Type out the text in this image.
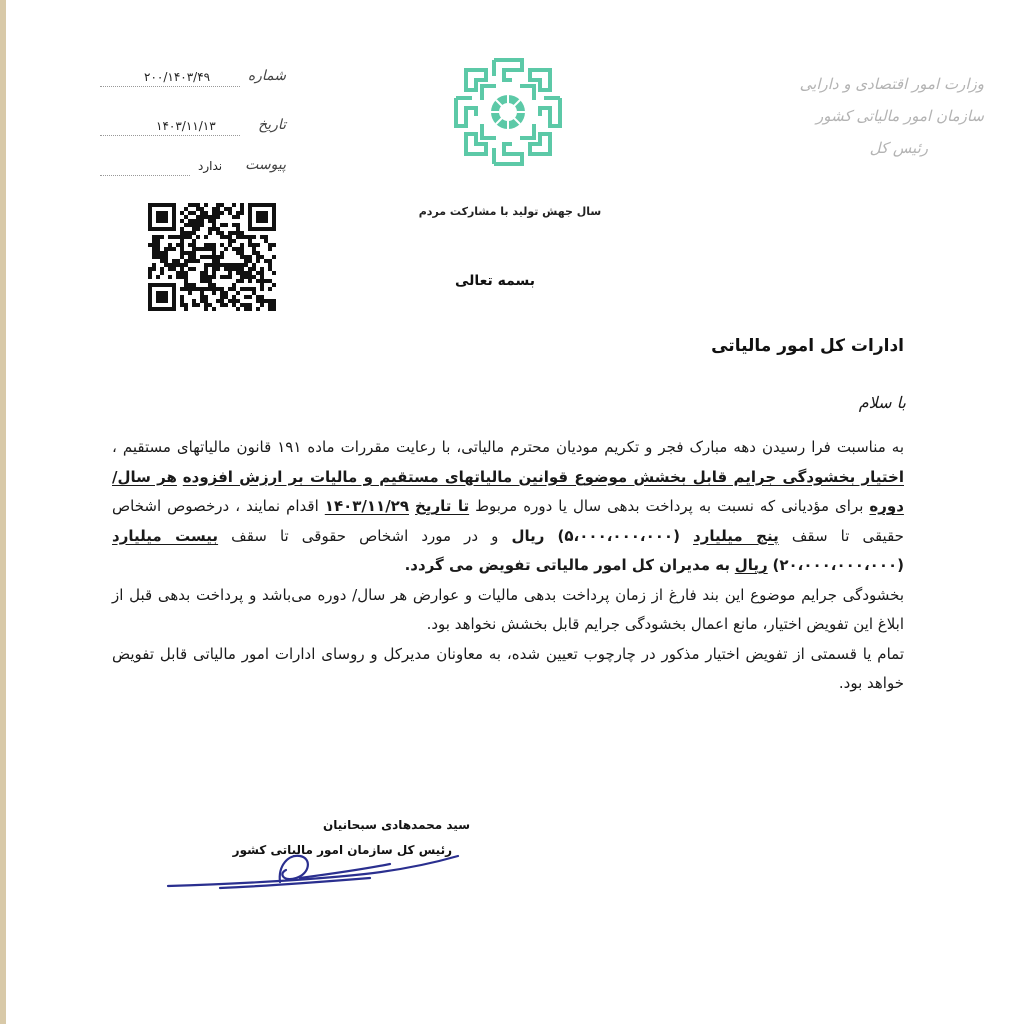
شماره
۲۰۰/۱۴۰۳/۴۹
تاریخ
۱۴۰۳/۱۱/۱۳
پیوست
ندارد
سال جهش تولید با مشارکت مردم
بسمه تعالی
وزارت امور اقتصادی و دارایی
سازمان امور مالیاتی کشور
رئیس کل
ادارات کل امور مالیاتی
با سلام
به مناسبت فرا رسیدن دهه مبارک فجر و تکریم مودیان محترم مالیاتی، با رعایت مقررات ماده ۱۹۱ قانون مالیاتهای مستقیم ، اختیار بخشودگی جرایم قابل بخشش موضوع قوانین مالیاتهای مستقیم و مالیات بر ارزش افزوده هر سال/ دوره برای مؤدیانی که نسبت به پرداخت بدهی سال یا دوره مربوط تا تاریخ ۱۴۰۳/۱۱/۲۹ اقدام نمایند ، درخصوص اشخاص حقیقی تا سقف پنج میلیارد (۵،۰۰۰،۰۰۰،۰۰۰) ریال و در مورد اشخاص حقوقی تا سقف بیست میلیارد (۲۰،۰۰۰،۰۰۰،۰۰۰) ریال به مدیران کل امور مالیاتی تفویض می گردد.
بخشودگی جرایم موضوع این بند فارغ از زمان پرداخت بدهی مالیات و عوارض هر سال/ دوره می‌باشد و پرداخت بدهی قبل از ابلاغ این تفویض اختیار، مانع اعمال بخشودگی جرایم قابل بخشش نخواهد بود.
تمام یا قسمتی از تفویض اختیار مذکور در چارچوب تعیین شده، به معاونان مدیرکل و روسای ادارات امور مالیاتی قابل تفویض خواهد بود.
سید محمدهادی سبحانیان
رئیس کل سازمان امور مالیاتی کشور
